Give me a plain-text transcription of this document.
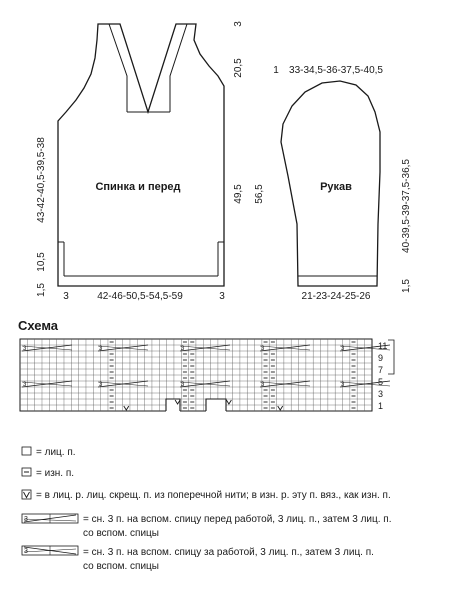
Спинка и перед
43-42-40,5-39,5-38
10,5
1,5 3	42-46-50,5-54,5-59	3
3
20,5
49,5 56,5	Рукав
1 33-34,5-36-37,5-40,5
21-23-24-25-26
40-39,5-39-37,5-36,5
1,5
Схема
3	3	3	3	3
3	3	3	3	3
11
9
7
5
3
1
= лиц. п.
= изн. п.
= в лиц. р. лиц. скрещ. п. из поперечной нити; в изн. р. эту п. вяз., как изн. п.
3	= сн. 3 п. на вспом. спицу перед работой, 3 лиц. п., затем 3 лиц. п.
со вспом. спицы
3	= сн. 3 п. на вспом. спицу за работой, 3 лиц. п., затем 3 лиц. п.
со вспом. спицы
